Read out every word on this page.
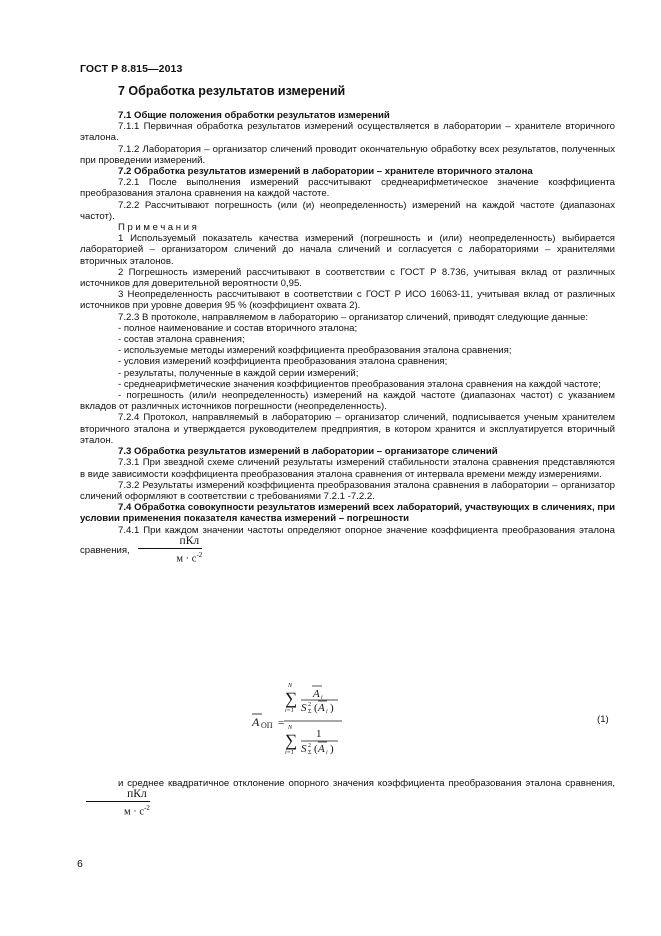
ГОСТ Р 8.815—2013
7 Обработка результатов измерений

7.1 Общие положения обработки результатов измерений

7.1.1 Первичная обработка результатов измерений осуществляется в лаборатории – хранителе вторичного эталона.

7.1.2 Лаборатория – организатор сличений проводит окончательную обработку всех результатов, полученных при проведении измерений.

7.2 Обработка результатов измерений в лаборатории – хранителе вторичного эталона

7.2.1 После выполнения измерений рассчитывают среднеарифметическое значение коэффициента преобразования эталона сравнения на каждой частоте.

7.2.2 Рассчитывают погрешность (или (и) неопределенность) измерений на каждой частоте (диапазонах частот).

Примечания

1 Используемый показатель качества измерений (погрешность и (или) неопределенность) выбирается лабораторией – организатором сличений до начала сличений и согласуется с лабораториями – хранителями вторичных эталонов.

2 Погрешность измерений рассчитывают в соответствии с ГОСТ Р 8.736, учитывая вклад от различных источников для доверительной вероятности 0,95.

3 Неопределенность рассчитывают в соответствии с ГОСТ Р ИСО 16063-11, учитывая вклад от различных источников при уровне доверия 95 % (коэффициент охвата 2).

7.2.3 В протоколе, направляемом в лабораторию – организатор сличений, приводят следующие данные:

- полное наименование и состав вторичного эталона;

- состав эталона сравнения;

- используемые методы измерений коэффициента преобразования эталона сравнения;

- условия измерений коэффициента преобразования эталона сравнения;

- результаты, полученные в каждой серии измерений;

- среднеарифметические значения коэффициентов преобразования эталона сравнения на каждой частоте;

- погрешность (или/и неопределенность) измерений на каждой частоте (диапазонах частот) с указанием вкладов от различных источников погрешности (неопределенность).

7.2.4 Протокол, направляемый в лабораторию – организатор сличений, подписывается ученым хранителем вторичного эталона и утверждается руководителем предприятия, в котором хранится и эксплуатируется вторичный эталон.

7.3 Обработка результатов измерений в лаборатории – организаторе сличений

7.3.1 При звездной схеме сличений результаты измерений стабильности эталона сравнения представляются в виде зависимости коэффициента преобразования эталона сравнения от интервала времени между измерениями.

7.3.2 Результаты измерений коэффициента преобразования эталона сравнения в лаборатории – организатор сличений оформляют в соответствии с требованиями 7.2.1 -7.2.2.

7.4 Обработка совокупности результатов измерений всех лабораторий, участвующих в сличениях, при условии применения показателя качества измерений – погрешности

7.4.1 При каждом значении частоты определяют опорное значение коэффициента преобразования эталона сравнения, $\frac{\text{пКл}}{м \cdot с^{-2}}$

A ОП =
N
∑
i=1
A i
S 2
Σ ( A i )
N
∑
i=1
1
S 2
Σ ( A i )
(1)

и среднее квадратичное отклонение опорного значения коэффициента преобразования эталона сравнения,
$\frac{\text{пКл}}{м \cdot с^{-2}}$

6
